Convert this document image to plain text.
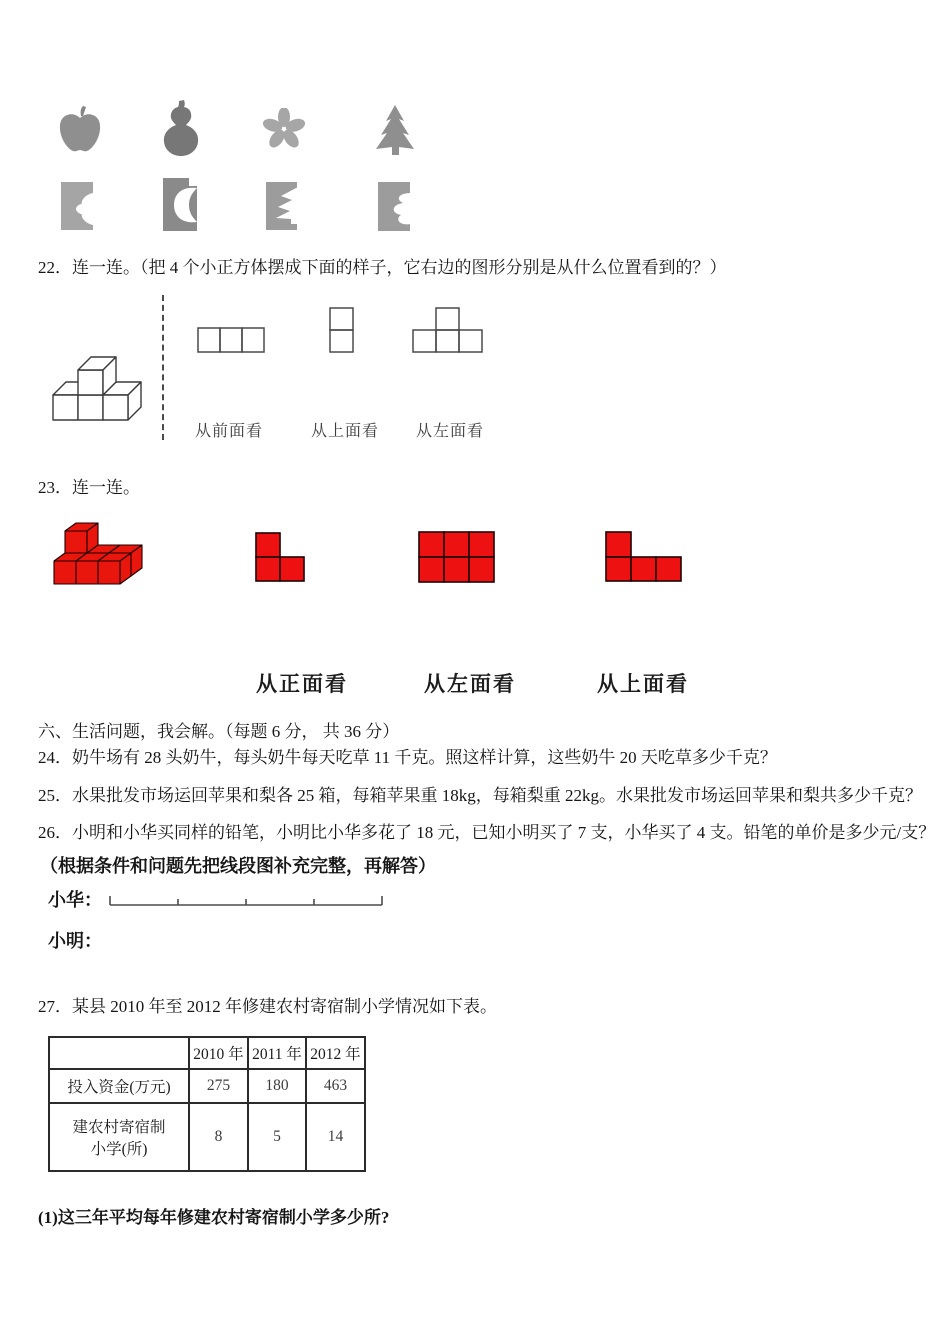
22．连一连。（把 4 个小正方体摆成下面的样子，它右边的图形分别是从什么位置看到的？）
从前面看	从上面看 从左面看
23．连一连。
从正面看	从左面看	从上面看
六、生活问题，我会解。（每题 6 分， 共 36 分）
24．奶牛场有 28 头奶牛，每头奶牛每天吃草 11 千克。照这样计算，这些奶牛 20 天吃草多少千克？
25．水果批发市场运回苹果和梨各 25 箱，每箱苹果重 18kg，每箱梨重 22kg。水果批发市场运回苹果和梨共多少千克？
26．小明和小华买同样的铅笔，小明比小华多花了 18 元，已知小明买了 7 支，小华买了 4 支。铅笔的单价是多少元/支？
（根据条件和问题先把线段图补充完整，再解答）
小华：
小明：
27．某县 2010 年至 2012 年修建农村寄宿制小学情况如下表。
	2010 年	2011 年	2012 年
投入资金(万元)	275	180	463

建农村寄宿制
小学(所)	8	5	14
(1)这三年平均每年修建农村寄宿制小学多少所?
